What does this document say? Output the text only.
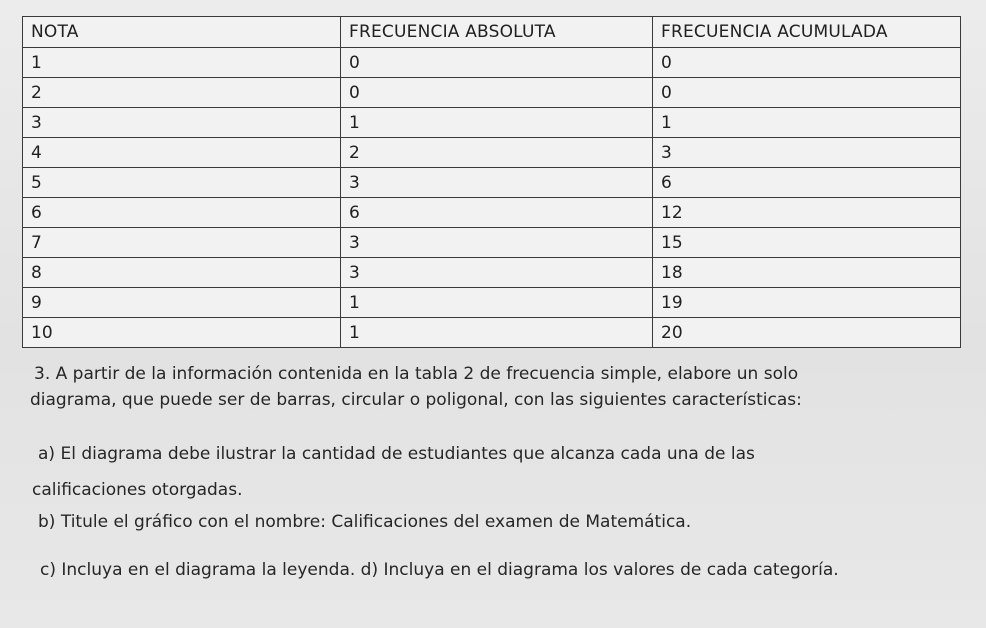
NOTA	FRECUENCIA ABSOLUTA	FRECUENCIA ACUMULADA
1	0	0
2	0	0
3	1	1
4	2	3
5	3	6
6	6	12
7	3	15
8	3	18
9	1	19
10	1	20
3. A partir de la información contenida en la tabla 2 de frecuencia simple, elabore un solo
diagrama, que puede ser de barras, circular o poligonal, con las siguientes características:
a) El diagrama debe ilustrar la cantidad de estudiantes que alcanza cada una de las
calificaciones otorgadas.
b) Titule el gráfico con el nombre: Calificaciones del examen de Matemática.
c) Incluya en el diagrama la leyenda. d) Incluya en el diagrama los valores de cada categoría.
